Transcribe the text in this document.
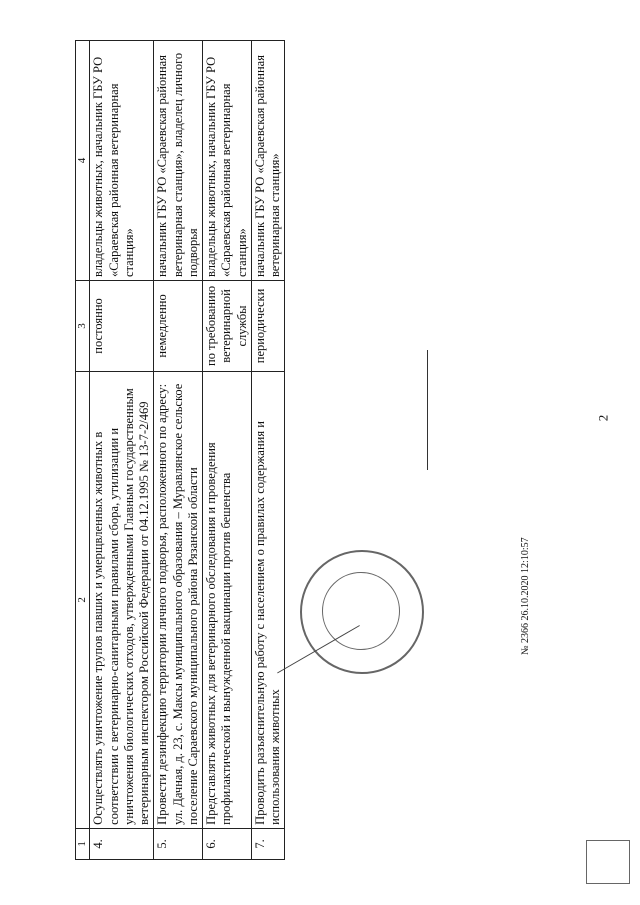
2
1	2	3	4
4.	Осуществлять уничтожение трупов павших и умерщвленных животных в соответствии с ветеринарно-санитарными правилами сбора, утилизации и уничтожения биологических отходов, утвержденными Главным государственным ветеринарным инспектором Российской Федерации от 04.12.1995 № 13-7-2/469	постоянно	владельцы животных, начальник ГБУ РО «Сараевская районная ветеринарная станция»
5.	Провести дезинфекцию территории личного подворья, расположенного по адресу: ул. Дачная, д. 23, с. Максы муниципального образования – Муравлянское сельское поселение Сараевского муниципального района Рязанской области	немедленно	начальник ГБУ РО «Сараевская районная ветеринарная станция», владелец личного подворья
6.	Представлять животных для ветеринарного обследования и проведения профилактической и вынужденной вакцинации против бешенства	по требованию ветеринарной службы	владельцы животных, начальник ГБУ РО «Сараевская районная ветеринарная станция»
7.	Проводить разъяснительную работу с населением о правилах содержания и использования животных	периодически	начальник ГБУ РО «Сараевская районная ветеринарная станция»
№ 2366 26.10.2020 12:10:57
